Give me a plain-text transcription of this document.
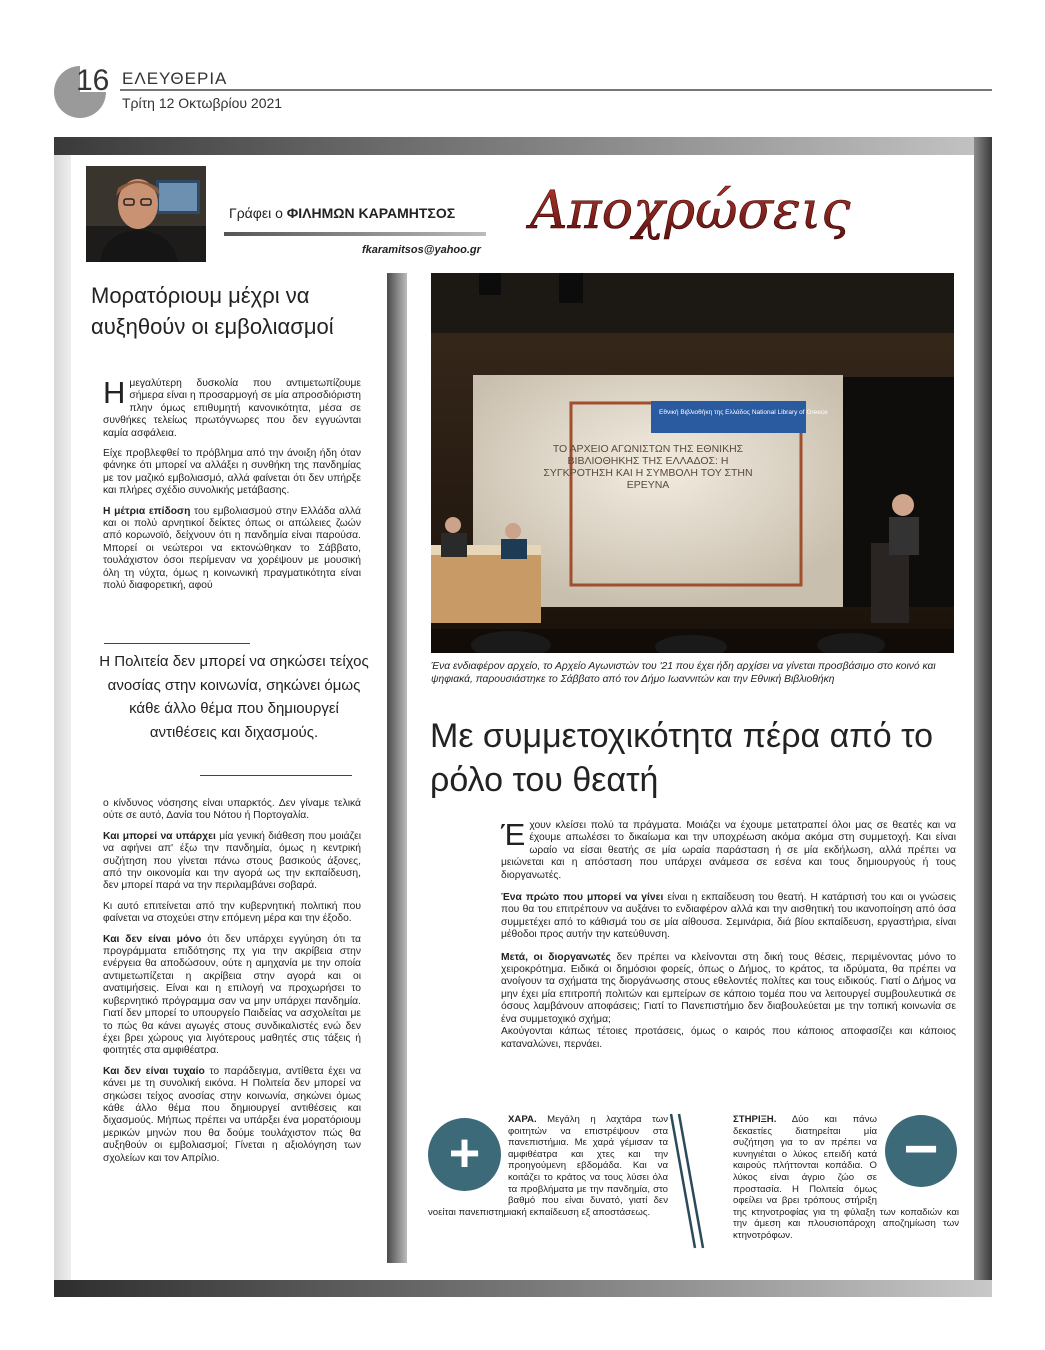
16 ΕΛΕΥΘΕΡΙΑ
Τρίτη 12 Οκτωβρίου 2021
Γράφει ο ΦΙΛΗΜΩΝ ΚΑΡΑΜΗΤΣΟΣ
fkaramitsos@yahoo.gr
Αποχρώσεις
Μορατόριουμ μέχρι να αυξηθούν οι εμβολιασμοί

Ημεγαλύτερη δυσκολία που αντιμετωπίζουμε σήμερα είναι η προσαρμογή σε μία απροσδιόριστη πλην όμως επιθυμητή κανονικότητα, μέσα σε συνθήκες τελείως πρωτόγνωρες που δεν εγγυώνται καμία ασφάλεια.

Είχε προβλεφθεί το πρόβλημα από την άνοιξη ήδη όταν φάνηκε ότι μπορεί να αλλάξει η συνθήκη της πανδημίας με τον μαζικό εμβολιασμό, αλλά φαίνεται ότι δεν υπήρξε και πλήρες σχέδιο συνολικής μετάβασης.

Η μέτρια επίδοση του εμβολιασμού στην Ελλάδα αλλά και οι πολύ αρνητικοί δείκτες όπως οι απώλειες ζωών από κορωνοϊό, δείχνουν ότι η πανδημία είναι παρούσα. Μπορεί οι νεώτεροι να εκτονώθηκαν το Σάββατο, τουλάχιστον όσοι περίμεναν να χορέψουν με μουσική όλη τη νύχτα, όμως η κοινωνική πραγματικότητα είναι πολύ διαφορετική, αφού

Η Πολιτεία δεν μπορεί να σηκώσει τείχος ανοσίας στην κοινωνία, σηκώνει όμως κάθε άλλο θέμα που δημιουργεί αντιθέσεις και διχασμούς.

ο κίνδυνος νόσησης είναι υπαρκτός. Δεν γίναμε τελικά ούτε σε αυτό, Δανία του Νότου ή Πορτογαλία.

Και μπορεί να υπάρχει μία γενική διάθεση που μοιάζει να αφήνει απ' έξω την πανδημία, όμως η κεντρική συζήτηση που γίνεται πάνω στους βασικούς άξονες, από την οικονομία και την αγορά ως την εκπαίδευση, δεν μπορεί παρά να την περιλαμβάνει σοβαρά.

Κι αυτό επιτείνεται από την κυβερνητική πολιτική που φαίνεται να στοχεύει στην επόμενη μέρα και την έξοδο.

Και δεν είναι μόνο ότι δεν υπάρχει εγγύηση ότι τα προγράμματα επιδότησης πχ για την ακρίβεια στην ενέργεια θα αποδώσουν, ούτε η αμηχανία με την οποία αντιμετωπίζεται η ακρίβεια στην αγορά και οι ανατιμήσεις. Είναι και η επιλογή να προχωρήσει το κυβερνητικό πρόγραμμα σαν να μην υπάρχει πανδημία. Γιατί δεν μπορεί το υπουργείο Παιδείας να ασχολείται με το πώς θα κάνει αγωγές στους συνδικαλιστές ενώ δεν έχει βρει χώρους για λιγότερους μαθητές στις τάξεις ή φοιτητές στα αμφιθέατρα.

Και δεν είναι τυχαίο το παράδειγμα, αντίθετα έχει να κάνει με τη συνολική εικόνα. Η Πολιτεία δεν μπορεί να σηκώσει τείχος ανοσίας στην κοινωνία, σηκώνει όμως κάθε άλλο θέμα που δημιουργεί αντιθέσεις και διχασμούς. Μήπως πρέπει να υπάρξει ένα μορατόριουμ μερικών μηνών που θα δούμε τουλάχιστον πώς θα αυξηθούν οι εμβολιασμοί; Γίνεται η αξιολόγηση των σχολείων και τον Απρίλιο.

Εθνική Βιβλιοθήκη της Ελλάδος National Library of Greece
ΤΟ ΑΡΧΕΙΟ ΑΓΩΝΙΣΤΩΝ ΤΗΣ ΕΘΝΙΚΗΣ ΒΙΒΛΙΟΘΗΚΗΣ ΤΗΣ ΕΛΛΑΔΟΣ: Η ΣΥΓΚΡΟΤΗΣΗ ΚΑΙ Η ΣΥΜΒΟΛΗ ΤΟΥ ΣΤΗΝ ΕΡΕΥΝΑ
Ένα ενδιαφέρον αρχείο, το Αρχείο Αγωνιστών του '21 που έχει ήδη αρχίσει να γίνεται προσβάσιμο στο κοινό και ψηφιακά, παρουσιάστηκε το Σάββατο από τον Δήμο Ιωαννιτών και την Εθνική Βιβλιοθήκη
Με συμμετοχικότητα πέρα από το ρόλο του θεατή

Έχουν κλείσει πολύ τα πράγματα. Μοιάζει να έχουμε μετατραπεί όλοι μας σε θεατές και να έχουμε απωλέσει το δικαίωμα και την υποχρέωση ακόμα ακόμα στη συμμετοχή. Και είναι ωραίο να είσαι θεατής σε μία ωραία παράσταση ή σε μία εκδήλωση, αλλά πρέπει να μειώνεται και η απόσταση που υπάρχει ανάμεσα σε εσένα και τους δημιουργούς ή τους διοργανωτές.

Ένα πρώτο που μπορεί να γίνει είναι η εκπαίδευση του θεατή. Η κατάρτισή του και οι γνώσεις που θα του επιτρέπουν να αυξάνει το ενδιαφέρον αλλά και την αισθητική του ικανοποίηση από όσα συμμετέχει από το κάθισμά του σε μία αίθουσα. Σεμινάρια, διά βίου εκπαίδευση, εργαστήρια, είναι μέθοδοι προς αυτήν την κατεύθυνση.

Μετά, οι διοργανωτές δεν πρέπει να κλείνονται στη δική τους θέσεις, περιμένοντας μόνο το χειροκρότημα. Ειδικά οι δημόσιοι φορείς, όπως ο Δήμος, το κράτος, τα ιδρύματα, θα πρέπει να ανοίγουν τα σχήματα της διοργάνωσης στους εθελοντές πολίτες και τους ειδικούς. Γιατί ο Δήμος να μην έχει μία επιτροπή πολιτών και εμπείρων σε κάποιο τομέα που να λειτουργεί συμβουλευτικά σε όσους λαμβάνουν αποφάσεις; Γιατί το Πανεπιστήμιο δεν διαβουλεύεται με την τοπική κοινωνία σε ένα συμμετοχικό σχήμα;
Ακούγονται κάπως τέτοιες προτάσεις, όμως ο καιρός που κάποιος αποφασίζει και κάποιος καταναλώνει, περνάει.

+
ΧΑΡΑ. Μεγάλη η λαχτάρα των φοιτητών να επιστρέψουν στα πανεπιστήμια. Με χαρά γέμισαν τα αμφιθέατρα και χτες και την προηγούμενη εβδομάδα. Και να κοιτάζει το κράτος να τους λύσει όλα τα προβλήματα με την πανδημία, στο βαθμό που είναι δυνατό, γιατί δεν νοείται πανεπιστημιακή εκπαίδευση εξ αποστάσεως.
−
ΣΤΗΡΙΞΗ. Δύο και πάνω δεκαετίες διατηρείται μία συζήτηση για το αν πρέπει να κυνηγιέται ο λύκος επειδή κατά καιρούς πλήττονται κοπάδια. Ο λύκος είναι άγριο ζώο σε προστασία. Η Πολιτεία όμως οφείλει να βρει τρόπους στήριξη της κτηνοτροφίας για τη φύλαξη των κοπαδιών και την άμεση και πλουσιοπάροχη αποζημίωση των κτηνοτρόφων.
